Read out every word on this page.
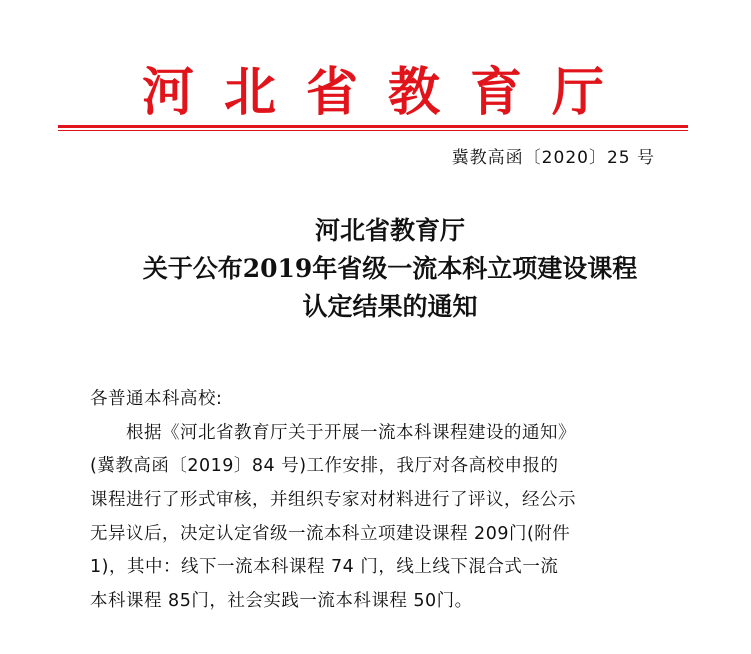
河北省教育厅
冀教高函〔2020〕25 号
河北省教育厅
关于公布2019年省级一流本科立项建设课程
认定结果的通知
各普通本科高校:
根据《河北省教育厅关于开展一流本科课程建设的通知》
(冀教高函〔2019〕84 号)工作安排，我厅对各高校申报的
课程进行了形式审核，并组织专家对材料进行了评议，经公示
无异议后，决定认定省级一流本科立项建设课程 209门(附件
1)，其中：线下一流本科课程 74 门，线上线下混合式一流
本科课程 85门，社会实践一流本科课程 50门。
